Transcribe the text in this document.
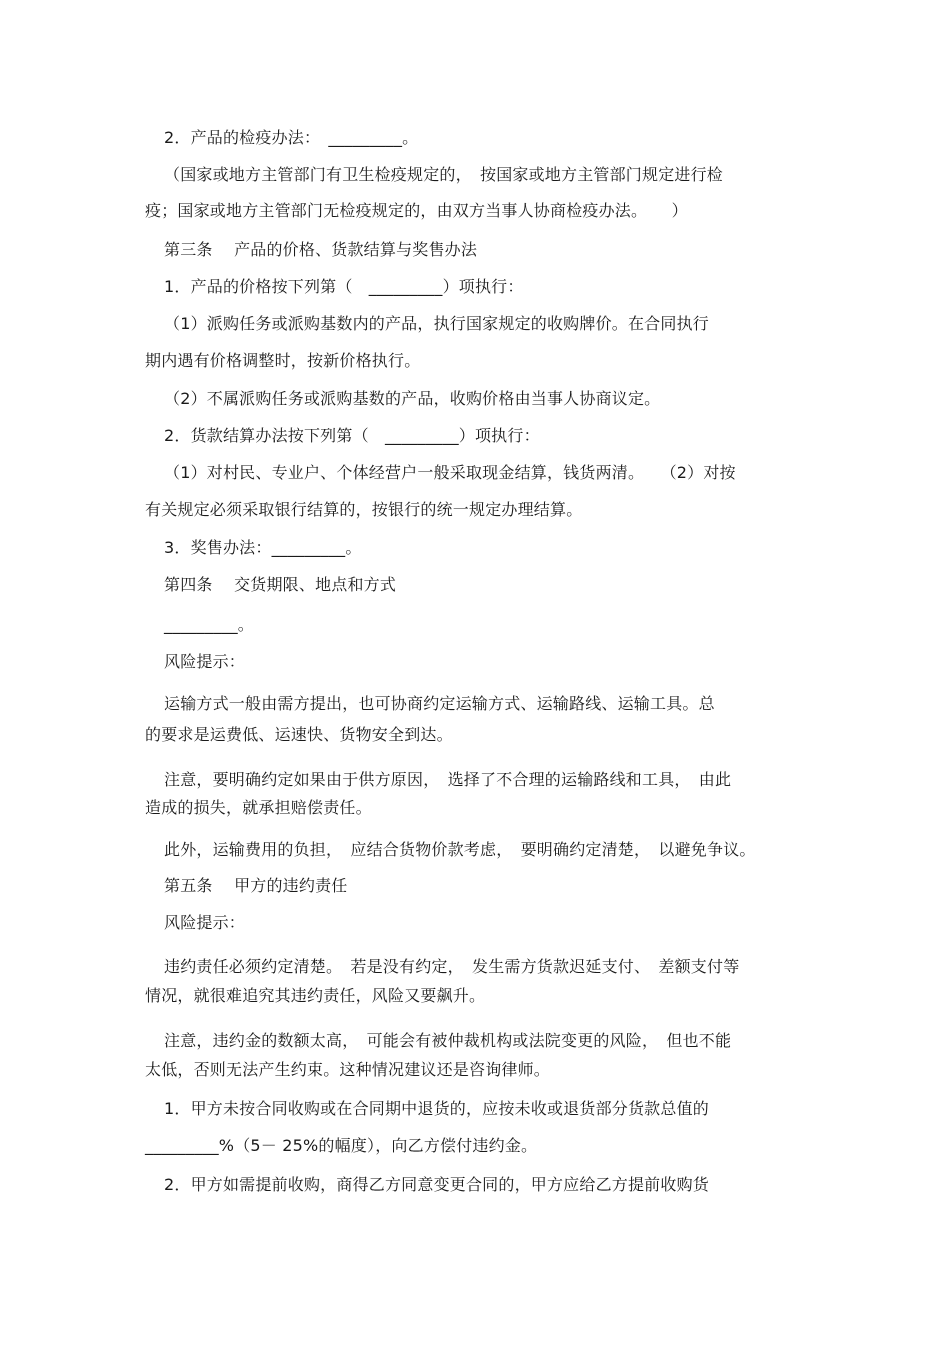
2．产品的检疫办法：　_________。
（国家或地方主管部门有卫生检疫规定的，　按国家或地方主管部门规定进行检
疫；国家或地方主管部门无检疫规定的，由双方当事人协商检疫办法。　　）
第三条　 产品的价格、货款结算与奖售办法
1．产品的价格按下列第（　_________）项执行：
（1）派购任务或派购基数内的产品，执行国家规定的收购牌价。在合同执行
期内遇有价格调整时，按新价格执行。
（2）不属派购任务或派购基数的产品，收购价格由当事人协商议定。
2．货款结算办法按下列第（　_________）项执行：
（1）对村民、专业户、个体经营户一般采取现金结算，钱货两清。　　（2）对按
有关规定必须采取银行结算的，按银行的统一规定办理结算。
3．奖售办法：_________。
第四条　 交货期限、地点和方式
_________。
风险提示：
运输方式一般由需方提出，也可协商约定运输方式、运输路线、运输工具。总
的要求是运费低、运速快、货物安全到达。
注意，要明确约定如果由于供方原因，　选择了不合理的运输路线和工具，　由此
造成的损失，就承担赔偿责任。
此外，运输费用的负担，　应结合货物价款考虑，　要明确约定清楚，　以避免争议。
第五条　 甲方的违约责任
风险提示：
违约责任必须约定清楚。　若是没有约定，　发生需方货款迟延支付、　差额支付等
情况，就很难追究其违约责任，风险又要飙升。
注意，违约金的数额太高，　可能会有被仲裁机构或法院变更的风险，　但也不能
太低，否则无法产生约束。这种情况建议还是咨询律师。
1．甲方未按合同收购或在合同期中退货的，应按未收或退货部分货款总值的
_________%（5－ 25%的幅度），向乙方偿付违约金。
2．甲方如需提前收购，商得乙方同意变更合同的，甲方应给乙方提前收购货
